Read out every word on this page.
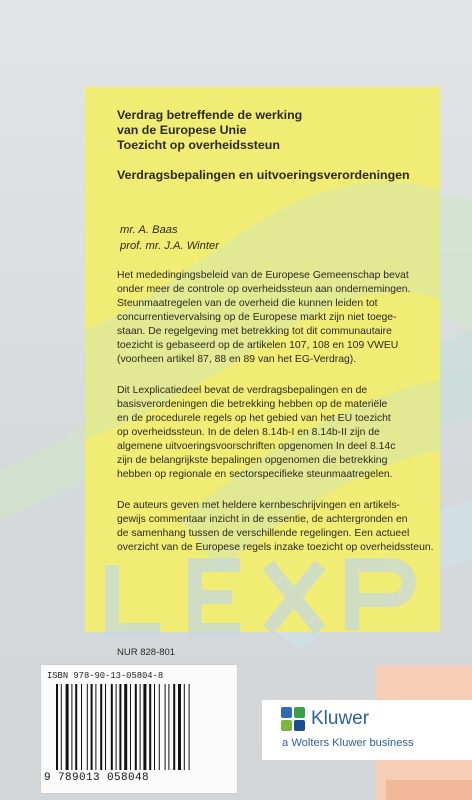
Verdrag betreffende de werking
van de Europese Unie
Toezicht op overheidssteun
Verdragsbepalingen en uitvoeringsverordeningen
mr. A. Baas
prof. mr. J.A. Winter
Het mededingingsbeleid van de Europese Gemeenschap bevat
onder meer de controle op overheidssteun aan ondernemingen.
Steunmaatregelen van de overheid die kunnen leiden tot
concurrentievervalsing op de Europese markt zijn niet toege-
staan. De regelgeving met betrekking tot dit communautaire
toezicht is gebaseerd op de artikelen 107, 108 en 109 VWEU
(voorheen artikel 87, 88 en 89 van het EG-Verdrag).
Dit Lexplicatiedeel bevat de verdragsbepalingen en de
basisverordeningen die betrekking hebben op de materiële
en de procedurele regels op het gebied van het EU toezicht
op overheidssteun. In de delen 8.14b-I en 8.14b-II zijn de
algemene uitvoeringsvoorschriften opgenomen In deel 8.14c
zijn de belangrijkste bepalingen opgenomen die betrekking
hebben op regionale en sectorspecifieke steunmaatregelen.
De auteurs geven met heldere kernbeschrijvingen en artikels-
gewijs commentaar inzicht in de essentie, de achtergronden en
de samenhang tussen de verschillende regelingen. Een actueel
overzicht van de Europese regels inzake toezicht op overheidssteun.
NUR 828-801
ISBN 978-90-13-05804-8
9 789013 058048
Kluwer
a Wolters Kluwer business
